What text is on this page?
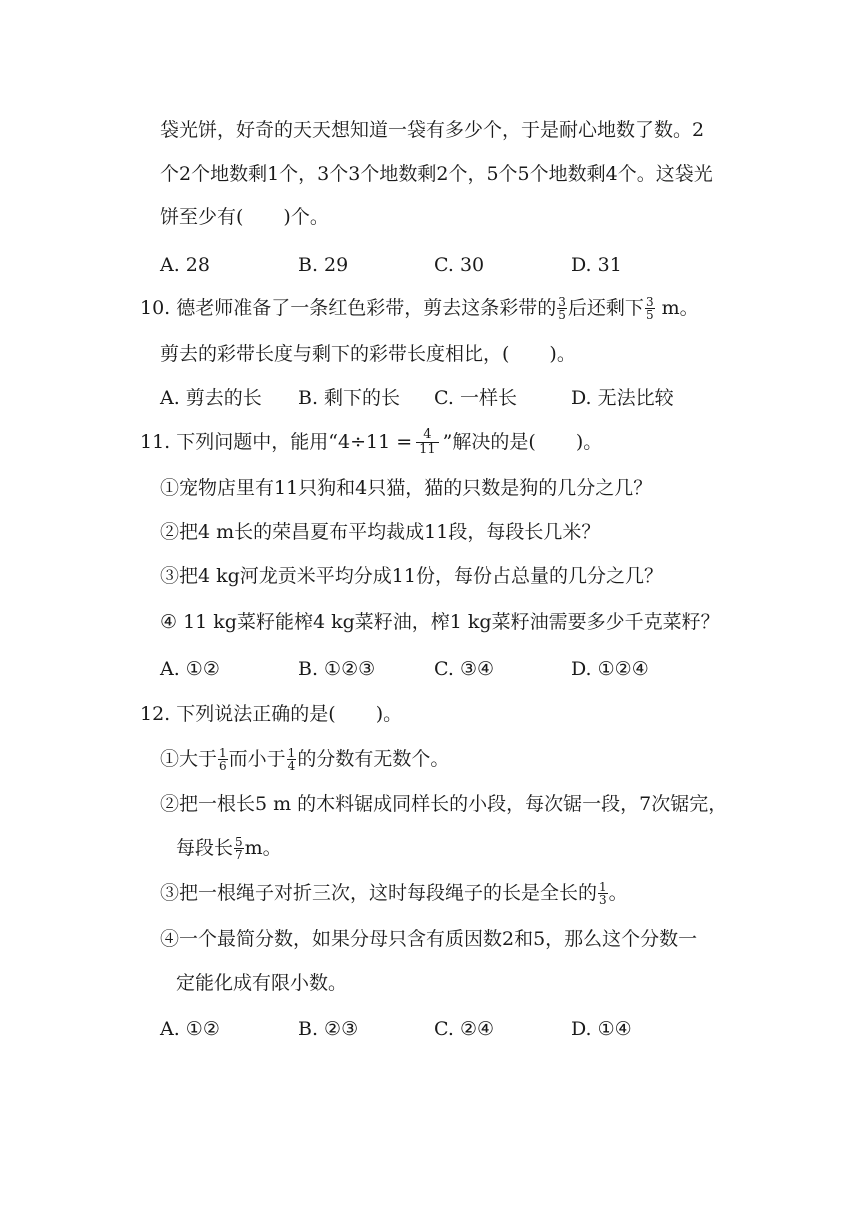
袋光饼，好奇的天天想知道一袋有多少个，于是耐心地数了数。2
个2个地数剩1个，3个3个地数剩2个，5个5个地数剩4个。这袋光
饼至少有( )个。
A. 28	B. 29	C. 30	D. 31
10. 德老师准备了一条红色彩带，剪去这条彩带的 $\frac{3}{5}$ 后还剩下 $\frac{3}{5}$ m。
剪去的彩带长度与剩下的彩带长度相比，( )。
A. 剪去的长 B. 剩下的长 C. 一样长	D. 无法比较
11. 下列问题中，能用“$4\div 11 = \frac{4}{11}$ ”解决的是( )。
①宠物店里有11只狗和4只猫，猫的只数是狗的几分之几？
②把4 m长的荣昌夏布平均裁成11段，每段长几米？
③把4 kg河龙贡米平均分成11份，每份占总量的几分之几？
④ 11 kg菜籽能榨4 kg菜籽油，榨1 kg菜籽油需要多少千克菜籽？
A. ①②	B. ①②③	C. ③④	D. ①②④
12. 下列说法正确的是( )。
①大于 $\frac{1}{6}$ 而小于 $\frac{1}{4}$ 的分数有无数个。
②把一根长5 m 的木料锯成同样长的小段，每次锯一段，7次锯完，
每段长 $\frac{5}{7}$ m。
③把一根绳子对折三次，这时每段绳子的长是全长的 $\frac{1}{3}$ 。
④一个最简分数，如果分母只含有质因数2和5，那么这个分数一
定能化成有限小数。
A. ①②	B. ②③	C. ②④	D. ①④
